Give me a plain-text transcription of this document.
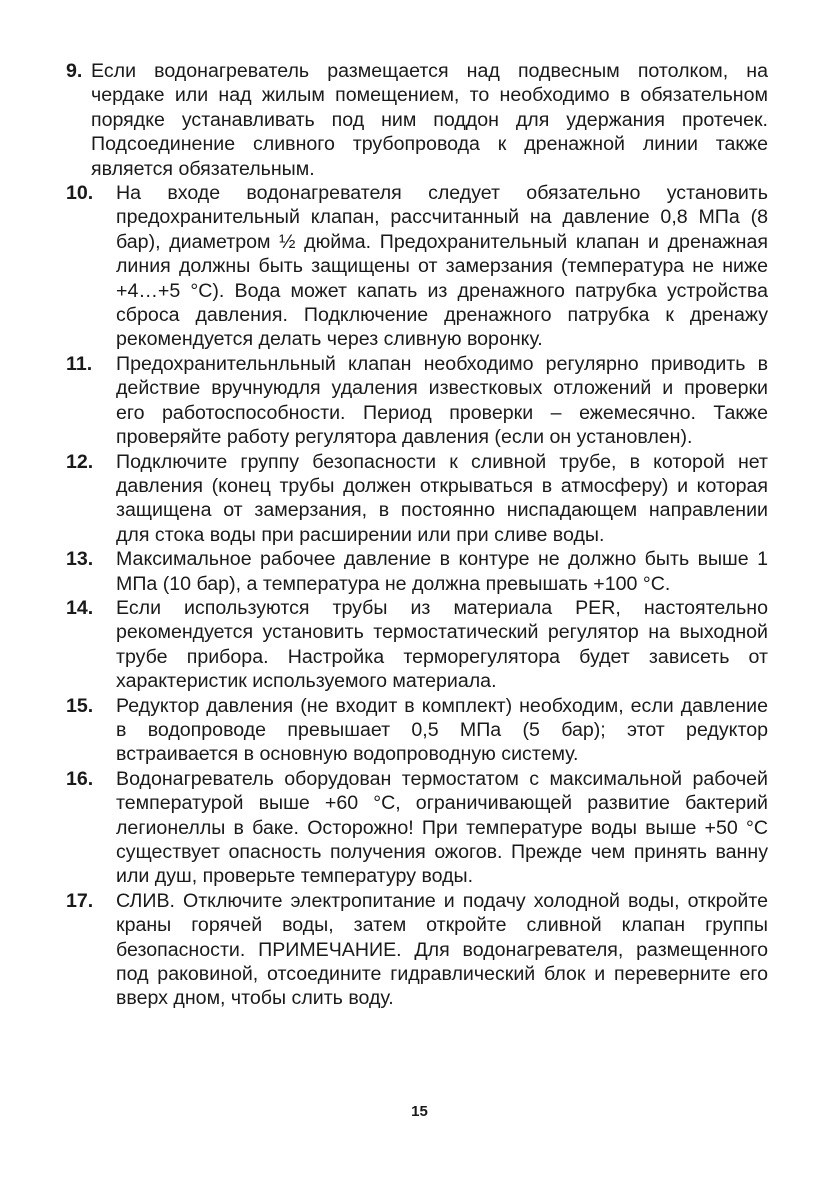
9. Если водонагреватель размещается над подвесным потолком, на чердаке или над жилым помещением, то необходимо в обязательном порядке устанавливать под ним поддон для удержания протечек. Подсоединение сливного трубопровода к дренажной линии также является обязательным.
10.	На входе водонагревателя следует обязательно установить предохранительный клапан, рассчитанный на давление 0,8 МПа (8 бар), диаметром ½ дюйма. Предохранительный клапан и дренажная линия должны быть защищены от замерзания (температура не ниже +4…+5 °C). Вода может капать из дренажного патрубка устройства сброса давления. Подключение дренажного патрубка к дренажу рекомендуется делать через сливную воронку.
11.	Предохранительнльный клапан необходимо регулярно приводить в действие вручнуюдля удаления известковых отложений и проверки его работоспособности. Период проверки – ежемесячно. Также проверяйте работу регулятора давления (если он установлен).
12.	Подключите группу безопасности к сливной трубе, в которой нет давления (конец трубы должен открываться в атмосферу) и которая защищена от замерзания, в постоянно ниспадающем направлении для стока воды при расширении или при сливе воды.
13.	Максимальное рабочее давление в контуре не должно быть выше 1 МПа (10 бар), а температура не должна превышать +100 °C.
14.	Если используются трубы из материала PER, настоятельно рекомендуется установить термостатический регулятор на выходной трубе прибора. Настройка терморегулятора будет зависеть от характеристик используемого материала.
15.	Редуктор давления (не входит в комплект) необходим, если давление в водопроводе превышает 0,5 МПа (5 бар); этот редуктор встраивается в основную водопроводную систему.
16.	Водонагреватель оборудован термостатом с максимальной рабочей температурой выше +60 °C, ограничивающей развитие бактерий легионеллы в баке. Осторожно! При температуре воды выше +50 °C существует опасность получения ожогов. Прежде чем принять ванну или душ, проверьте температуру воды.
17.	СЛИВ. Отключите электропитание и подачу холодной воды, откройте краны горячей воды, затем откройте сливной клапан группы безопасности. ПРИМЕЧАНИЕ. Для водонагревателя, размещенного под раковиной, отсоедините гидравлический блок и переверните его вверх дном, чтобы слить воду.
15
